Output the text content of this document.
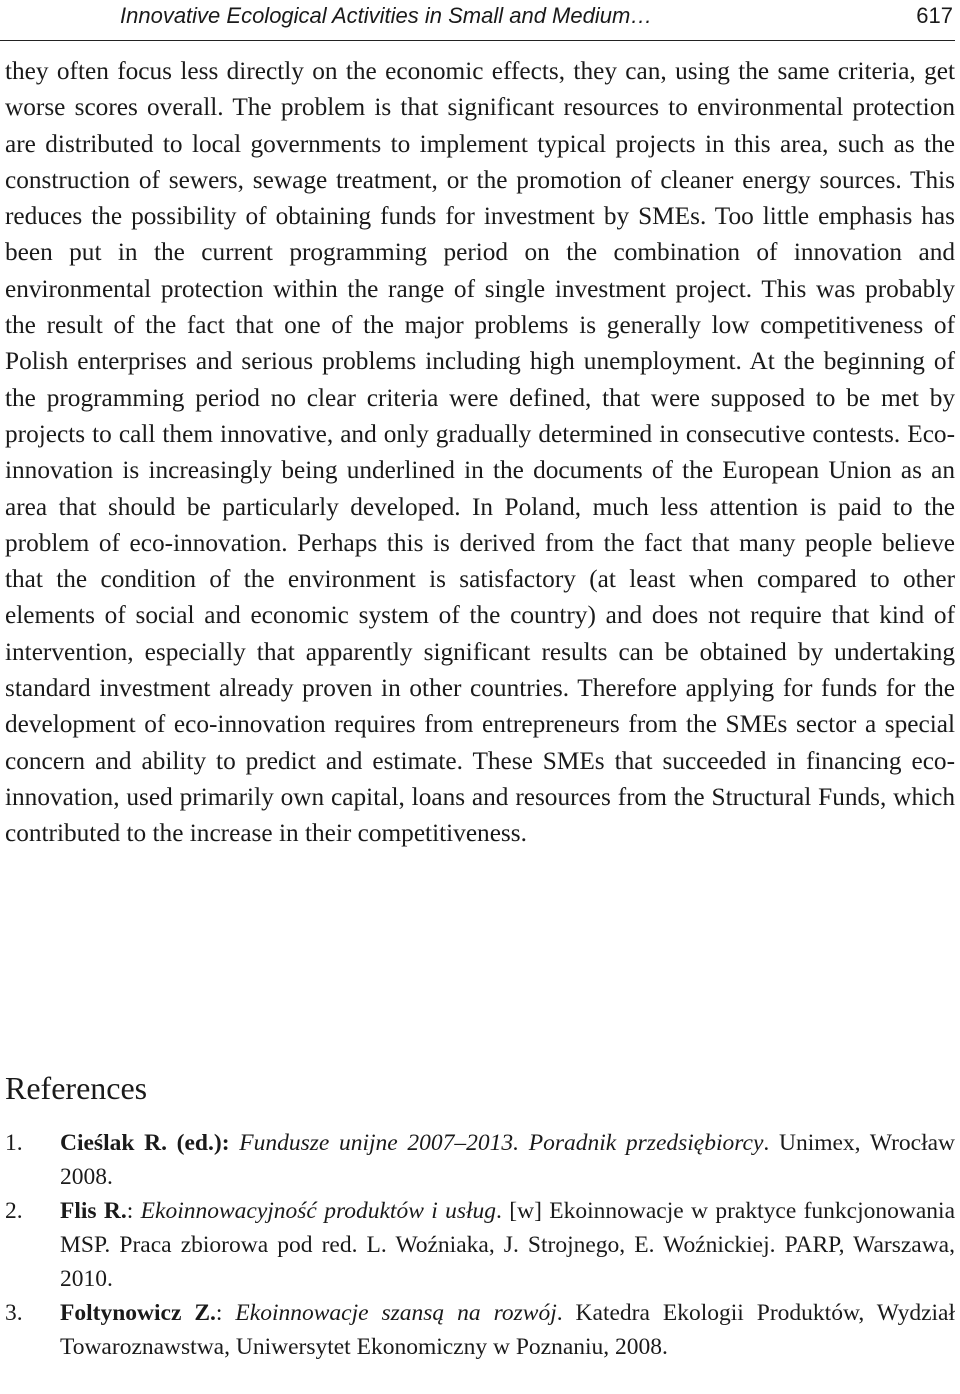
Innovative Ecological Activities in Small and Medium…	617

they often focus less directly on the economic effects, they can, using the same criteria, get worse scores overall. The problem is that significant resources to environmental protection are distributed to local governments to implement typical projects in this area, such as the construction of sewers, sewage treatment, or the promotion of cleaner energy sources. This reduces the possibility of obtaining funds for investment by SMEs. Too little emphasis has been put in the current programming period on the combination of innovation and environmental protection within the range of single investment project. This was probably the result of the fact that one of the major problems is generally low competitiveness of Polish enterprises and serious problems including high unemployment. At the beginning of the programming period no clear criteria were defined, that were supposed to be met by projects to call them innovative, and only gradually determined in consecutive contests. Eco-innovation is increasingly being underlined in the documents of the European Union as an area that should be particularly developed. In Poland, much less attention is paid to the problem of eco-innovation. Perhaps this is derived from the fact that many people believe that the condition of the environment is satisfactory (at least when compared to other elements of social and economic system of the country) and does not require that kind of intervention, especially that apparently significant results can be obtained by undertaking standard investment already proven in other countries. Therefore applying for funds for the development of eco-innovation requires from entrepreneurs from the SMEs sector a special concern and ability to predict and estimate. These SMEs that succeeded in financing eco-innovation, used primarily own capital, loans and resources from the Structural Funds, which contributed to the increase in their competitiveness.

References
1. Cieślak R. (ed.): Fundusze unijne 2007–2013. Poradnik przedsiębiorcy. Unimex, Wrocław 2008.
2. Flis R.: Ekoinnowacyjność produktów i usług. [w] Ekoinnowacje w praktyce funkcjonowania MSP. Praca zbiorowa pod red. L. Woźniaka, J. Strojnego, E. Woźnickiej. PARP, Warszawa, 2010.
3. Foltynowicz Z.: Ekoinnowacje szansą na rozwój. Katedra Ekologii Produktów, Wydział Towaroznawstwa, Uniwersytet Ekonomiczny w Poznaniu, 2008.
